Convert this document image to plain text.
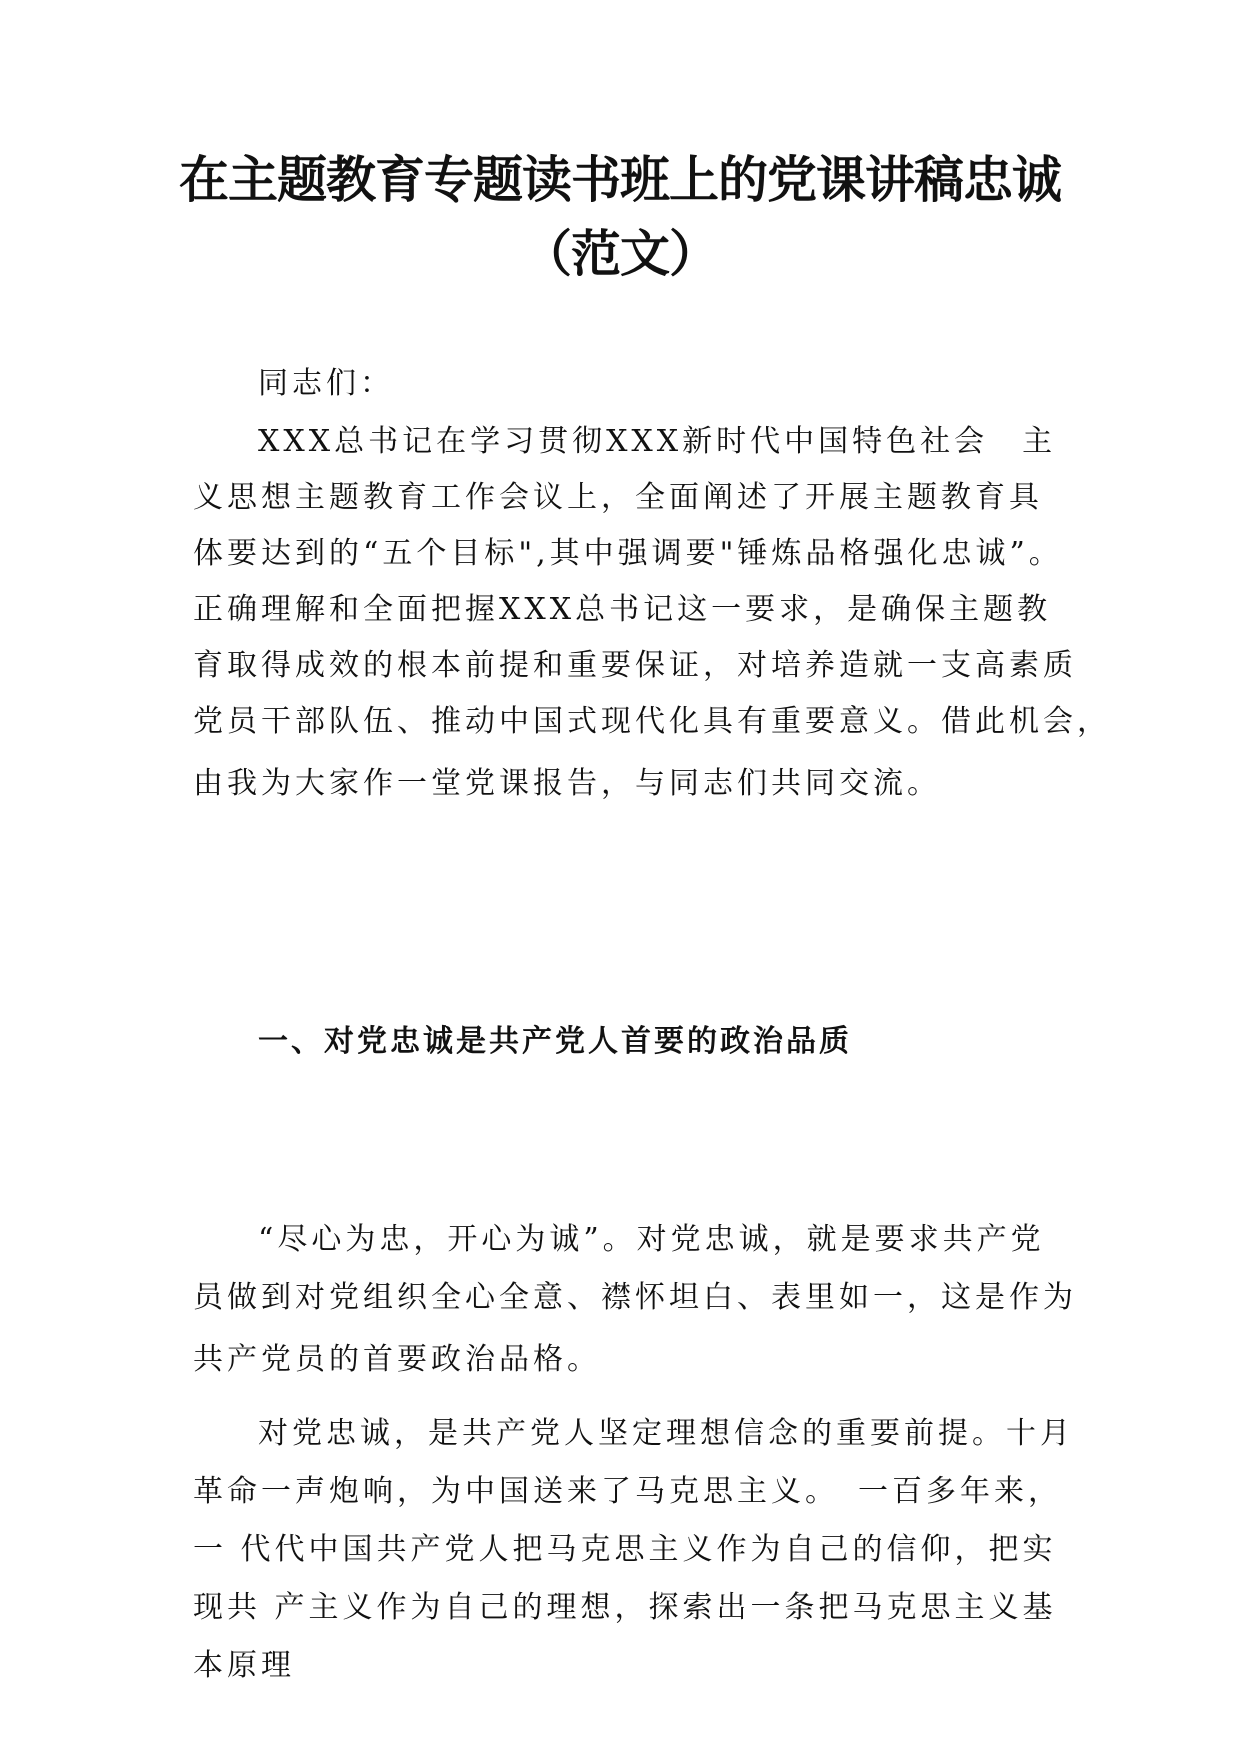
在主题教育专题读书班上的党课讲稿忠诚
（范文）

同志们：

XXX总书记在学习贯彻XXX新时代中国特色社会　主

义思想主题教育工作会议上，全面阐述了开展主题教育具

体要达到的“五个目标",其中强调要"锤炼品格强化忠诚”。

正确理解和全面把握XXX总书记这一要求，是确保主题教

育取得成效的根本前提和重要保证，对培养造就一支高素质

党员干部队伍、推动中国式现代化具有重要意义。借此机会，

由我为大家作一堂党课报告，与同志们共同交流。

一、对党忠诚是共产党人首要的政治品质

“尽心为忠，开心为诚”。对党忠诚，就是要求共产党

员做到对党组织全心全意、襟怀坦白、表里如一，这是作为

共产党员的首要政治品格。

对党忠诚，是共产党人坚定理想信念的重要前提。十月

革命一声炮响，为中国送来了马克思主义。　一百多年来，

一 代代中国共产党人把马克思主义作为自己的信仰，把实

现共 产主义作为自己的理想，探索出一条把马克思主义基

本原理
